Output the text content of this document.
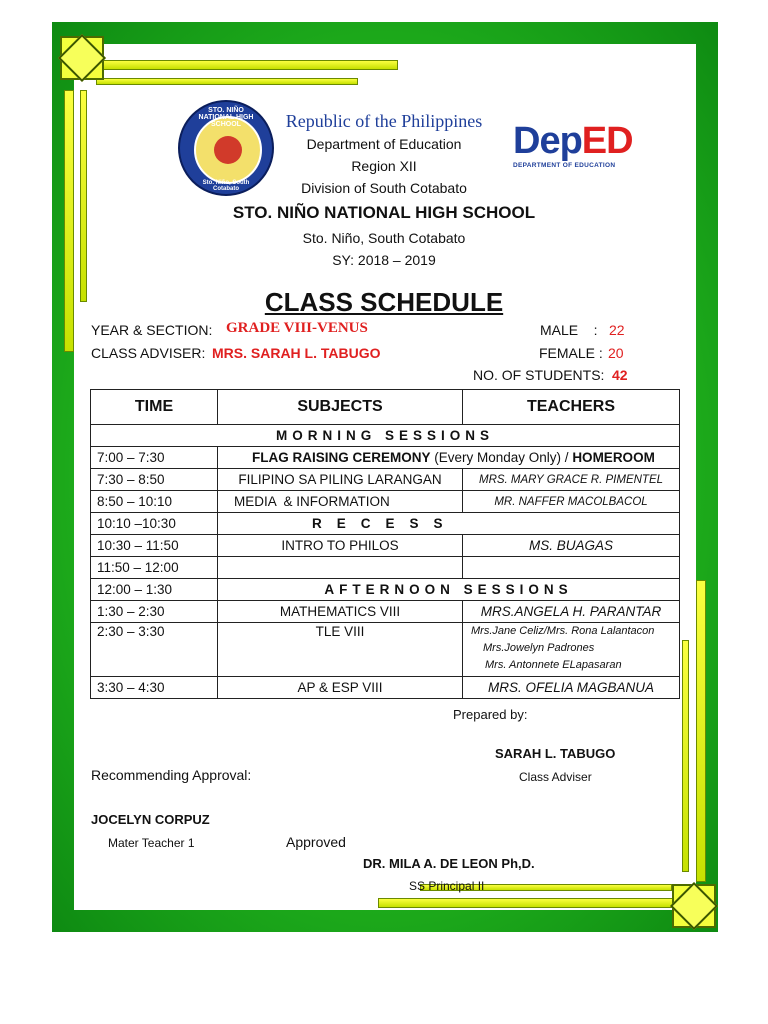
STO. NIÑO NATIONAL HIGH SCHOOL
Sto. Niño, South Cotabato
DepED
DEPARTMENT OF EDUCATION
Republic of the Philippines
Department of Education
Region XII
Division of South Cotabato
STO. NIÑO NATIONAL HIGH SCHOOL
Sto. Niño, South Cotabato
SY: 2018 – 2019
CLASS SCHEDULE
YEAR & SECTION: GRADE VIII-VENUS
CLASS ADVISER: MRS. SARAH L. TABUGO
MALE    : 22
FEMALE : 20
NO. OF STUDENTS: 42
TIME	SUBJECTS	TEACHERS
MORNING SESSIONS		
7:00 – 7:30	FLAG RAISING CEREMONY (Every Monday Only) / HOMEROOM	
7:30 – 8:50	FILIPINO SA PILING LARANGAN	MRS. MARY GRACE R. PIMENTEL
8:50 – 10:10	MEDIA  & INFORMATION	MR. NAFFER MACOLBACOL
10:10 –10:30	R    E    C    E    S    S	
10:30 – 11:50	INTRO TO PHILOS	MS. BUAGAS
11:50 – 12:00		
12:00 – 1:30	AFTERNOON SESSIONS	
1:30 – 2:30	MATHEMATICS VIII	MRS.ANGELA H. PARANTAR
2:30 – 3:30	TLE VIII	Mrs.Jane Celiz/Mrs. Rona Lalantacon
Mrs.Jowelyn Padrones
Mrs. Antonnete ELapasaran

3:30 – 4:30	AP & ESP VIII	MRS. OFELIA MAGBANUA
Prepared by:
SARAH L. TABUGO
Class Adviser
Recommending Approval:
JOCELYN CORPUZ
Mater Teacher 1	Approved
DR. MILA A. DE LEON Ph,D.
SS Principal II
